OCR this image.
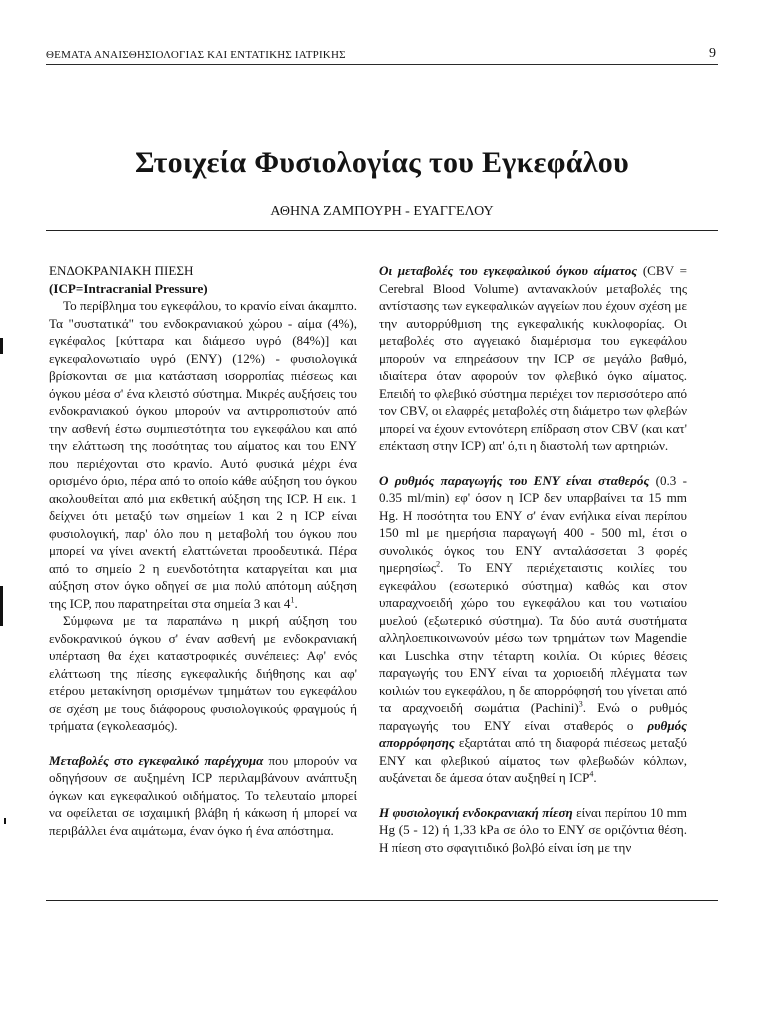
ΘΕΜΑΤΑ ΑΝΑΙΣΘΗΣΙΟΛΟΓΙΑΣ ΚΑΙ ΕΝΤΑΤΙΚΗΣ ΙΑΤΡΙΚΗΣ	9
Στοιχεία Φυσιολογίας του Εγκεφάλου
ΑΘΗΝΑ ΖΑΜΠΟΥΡΗ - ΕΥΑΓΓΕΛΟΥ
ΕΝΔΟΚΡΑΝΙΑΚΗ ΠΙΕΣΗ
(ICP=Intracranial Pressure)

Το περίβλημα του εγκεφάλου, το κρανίο είναι άκαμπτο. Τα "συστατικά" του ενδοκρανιακού χώρου - αίμα (4%), εγκέφαλος [κύτταρα και διάμεσο υγρό (84%)] και εγκεφαλονωτιαίο υγρό (ΕΝΥ) (12%) - φυσιολογικά βρίσκονται σε μια κατάσταση ισορροπίας πιέσεως και όγκου μέσα σ' ένα κλειστό σύστημα. Μικρές αυξήσεις του ενδοκρανιακού όγκου μπορούν να αντιρροπιστούν από την ασθενή έστω συμπιεστότητα του εγκεφάλου και από την ελάττωση της ποσότητας του αίματος και του ΕΝΥ που περιέχονται στο κρανίο. Αυτό φυσικά μέχρι ένα ορισμένο όριο, πέρα από το οποίο κάθε αύξηση του όγκου ακολουθείται από μια εκθετική αύξηση της ICP. Η εικ. 1 δείχνει ότι μεταξύ των σημείων 1 και 2 η ICP είναι φυσιολογική, παρ' όλο που η μεταβολή του όγκου που μπορεί να γίνει ανεκτή ελαττώνεται προοδευτικά. Πέρα από το σημείο 2 η ευενδοτότητα καταργείται και μια αύξηση στον όγκο οδηγεί σε μια πολύ απότομη αύξηση της ICP, που παρατηρείται στα σημεία 3 και $4^1$.

Σύμφωνα με τα παραπάνω η μικρή αύξηση του ενδοκρανικού όγκου σ' έναν ασθενή με ενδοκρανιακή υπέρταση θα έχει καταστροφικές συνέπειες: Αφ' ενός ελάττωση της πίεσης εγκεφαλικής διήθησης και αφ' ετέρου μετακίνηση ορισμένων τμημάτων του εγκεφάλου σε σχέση με τους διάφορους φυσιολογικούς φραγμούς ή τρήματα (εγκολεασμός).

Μεταβολές στο εγκεφαλικό παρέγχυμα που μπορούν να οδηγήσουν σε αυξημένη ICP περιλαμβάνουν ανάπτυξη όγκων και εγκεφαλικού οιδήματος. Το τελευταίο μπορεί να οφείλεται σε ισχαιμική βλάβη ή κάκωση ή μπορεί να περιβάλλει ένα αιμάτωμα, έναν όγκο ή ένα απόστημα.

Οι μεταβολές του εγκεφαλικού όγκου αίματος (CBV = Cerebral Blood Volume) αντανακλούν μεταβολές της αντίστασης των εγκεφαλικών αγγείων που έχουν σχέση με την αυτορρύθμιση της εγκεφαλικής κυκλοφορίας. Οι μεταβολές στο αγγειακό διαμέρισμα του εγκεφάλου μπορούν να επηρεάσουν την ICP σε μεγάλο βαθμό, ιδιαίτερα όταν αφορούν τον φλεβικό όγκο αίματος. Επειδή το φλεβικό σύστημα περιέχει τον περισσότερο από τον CBV, οι ελαφρές μεταβολές στη διάμετρο των φλεβών μπορεί να έχουν εντονότερη επίδραση στον CBV (και κατ' επέκταση στην ICP) απ' ό,τι η διαστολή των αρτηριών.

Ο ρυθμός παραγωγής του ΕΝΥ είναι σταθερός (0.3 - 0.35 ml/min) εφ' όσον η ICP δεν υπαρβαίνει τα 15 mm Hg. Η ποσότητα του ΕΝΥ σ' έναν ενήλικα είναι περίπου 150 ml με ημερήσια παραγωγή 400 - 500 ml, έτσι ο συνολικός όγκος του ΕΝΥ ανταλάσσεται 3 φορές ημερησίως$^2$. Το ΕΝΥ περιέχεταιστις κοιλίες του εγκεφάλου (εσωτερικό σύστημα) καθώς και στον υπαραχνοειδή χώρο του εγκεφάλου και του νωτιαίου μυελού (εξωτερικό σύστημα). Τα δύο αυτά συστήματα αλληλοεπικοινωνούν μέσω των τρημάτων των Magendie και Luschka στην τέταρτη κοιλία. Οι κύριες θέσεις παραγωγής του ΕΝΥ είναι τα χοριοειδή πλέγματα των κοιλιών του εγκεφάλου, η δε απορρόφησή του γίνεται από τα αραχνοειδή σωμάτια (Pachini)$^3$. Ενώ ο ρυθμός παραγωγής του ΕΝΥ είναι σταθερός ο ρυθμός απορρόφησης εξαρτάται από τη διαφορά πιέσεως μεταξύ ΕΝΥ και φλεβικού αίματος των φλεβωδών κόλπων, αυξάνεται δε άμεσα όταν αυξηθεί η ICP$^4$.

Η φυσιολογική ενδοκρανιακή πίεση είναι περίπου 10 mm Hg (5 - 12) ή 1,33 kPa σε όλο το ΕΝΥ σε οριζόντια θέση. Η πίεση στο σφαγιτιδικό βολβό είναι ίση με την
